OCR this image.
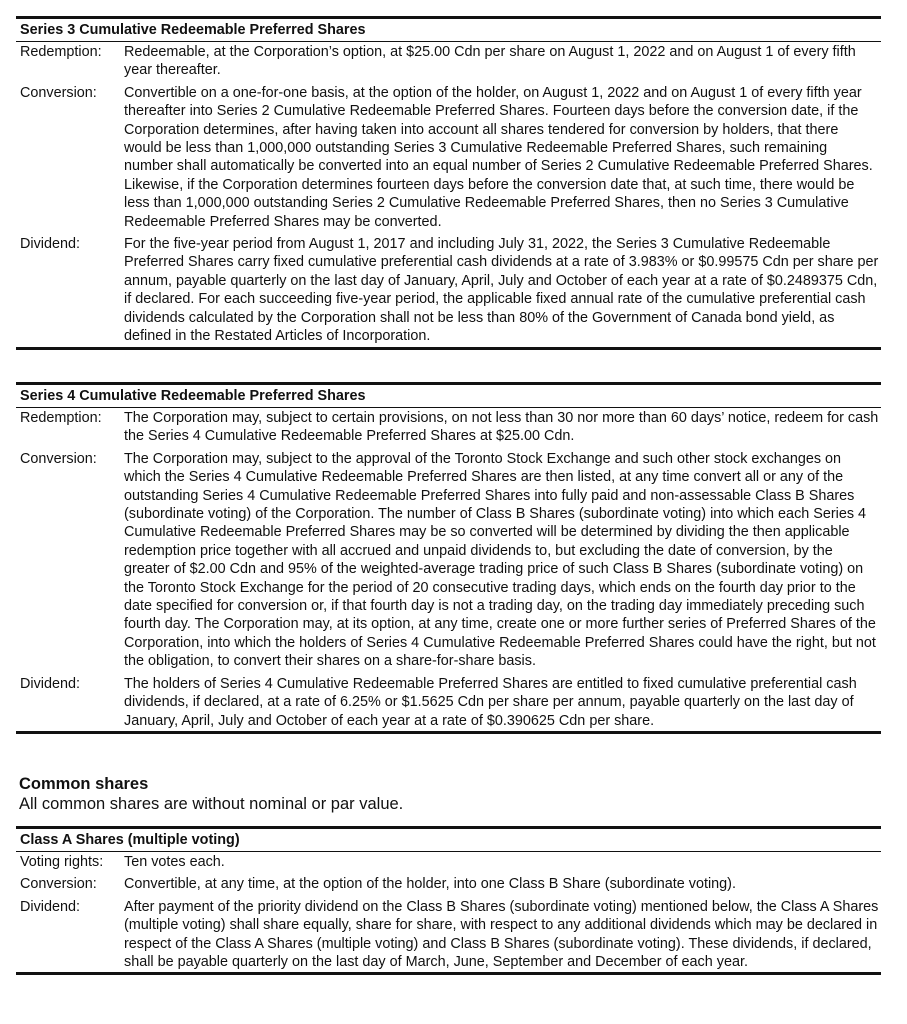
Series 3 Cumulative Redeemable Preferred Shares
Redemption:	Redeemable, at the Corporation’s option, at $25.00 Cdn per share on August 1, 2022 and on August 1 of every fifth year thereafter.
Conversion:	Convertible on a one-for-one basis, at the option of the holder, on August 1, 2022 and on August 1 of every fifth year thereafter into Series 2 Cumulative Redeemable Preferred Shares. Fourteen days before the conversion date, if the Corporation determines, after having taken into account all shares tendered for conversion by holders, that there would be less than 1,000,000 outstanding Series 3 Cumulative Redeemable Preferred Shares, such remaining number shall automatically be converted into an equal number of Series 2 Cumulative Redeemable Preferred Shares. Likewise, if the Corporation determines fourteen days before the conversion date that, at such time, there would be less than 1,000,000 outstanding Series 2 Cumulative Redeemable Preferred Shares, then no Series 3 Cumulative Redeemable Preferred Shares may be converted.
Dividend:	For the five-year period from August 1, 2017 and including July 31, 2022, the Series 3 Cumulative Redeemable Preferred Shares carry fixed cumulative preferential cash dividends at a rate of 3.983% or $0.99575 Cdn per share per annum, payable quarterly on the last day of January, April, July and October of each year at a rate of $0.2489375 Cdn, if declared. For each succeeding five-year period, the applicable fixed annual rate of the cumulative preferential cash dividends calculated by the Corporation shall not be less than 80% of the Government of Canada bond yield, as defined in the Restated Articles of Incorporation.
Series 4 Cumulative Redeemable Preferred Shares
Redemption:	The Corporation may, subject to certain provisions, on not less than 30 nor more than 60 days’ notice, redeem for cash the Series 4 Cumulative Redeemable Preferred Shares at $25.00 Cdn.
Conversion:	The Corporation may, subject to the approval of the Toronto Stock Exchange and such other stock exchanges on which the Series 4 Cumulative Redeemable Preferred Shares are then listed, at any time convert all or any of the outstanding Series 4 Cumulative Redeemable Preferred Shares into fully paid and non-assessable Class B Shares (subordinate voting) of the Corporation. The number of Class B Shares (subordinate voting) into which each Series 4 Cumulative Redeemable Preferred Shares may be so converted will be determined by dividing the then applicable redemption price together with all accrued and unpaid dividends to, but excluding the date of conversion, by the greater of $2.00 Cdn and 95% of the weighted-average trading price of such Class B Shares (subordinate voting) on the Toronto Stock Exchange for the period of 20 consecutive trading days, which ends on the fourth day prior to the date specified for conversion or, if that fourth day is not a trading day, on the trading day immediately preceding such fourth day. The Corporation may, at its option, at any time, create one or more further series of Preferred Shares of the Corporation, into which the holders of Series 4 Cumulative Redeemable Preferred Shares could have the right, but not the obligation, to convert their shares on a share-for-share basis.
Dividend:	The holders of Series 4 Cumulative Redeemable Preferred Shares are entitled to fixed cumulative preferential cash dividends, if declared, at a rate of 6.25% or $1.5625 Cdn per share per annum, payable quarterly on the last day of January, April, July and October of each year at a rate of $0.390625 Cdn per share.
Common shares
All common shares are without nominal or par value.
Class A Shares (multiple voting)
Voting rights:	Ten votes each.
Conversion:	Convertible, at any time, at the option of the holder, into one Class B Share (subordinate voting).
Dividend:	After payment of the priority dividend on the Class B Shares (subordinate voting) mentioned below, the Class A Shares (multiple voting) shall share equally, share for share, with respect to any additional dividends which may be declared in respect of the Class A Shares (multiple voting) and Class B Shares (subordinate voting). These dividends, if declared, shall be payable quarterly on the last day of March, June, September and December of each year.
